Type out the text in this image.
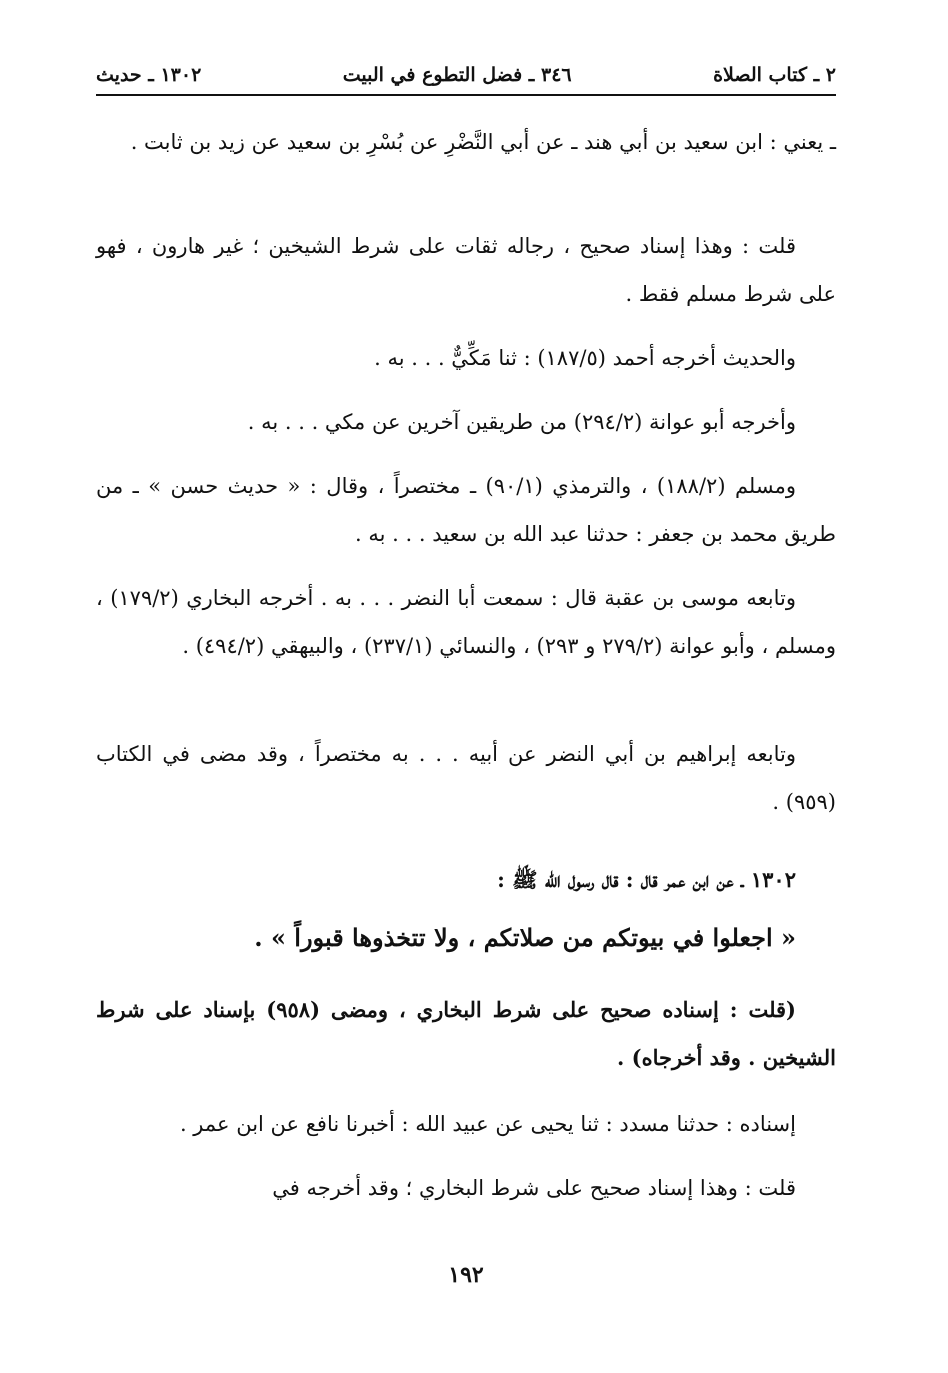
٢ ـ كتاب الصلاة
٣٤٦ ـ فضل التطوع في البيت
١٣٠٢ ـ حديث

ـ يعني : ابن سعيد بن أبي هند ـ عن أبي النَّضْرِ عن بُسْرِ بن سعيد عن زيد بن ثابت .

قلت : وهذا إسناد صحيح ، رجاله ثقات على شرط الشيخين ؛ غير هارون ، فهو على شرط مسلم فقط .

والحديث أخرجه أحمد (١٨٧/٥) : ثنا مَكِّيٌّ . . . به .

وأخرجه أبو عوانة (٢٩٤/٢) من طريقين آخرين عن مكي . . . به .

ومسلم (١٨٨/٢) ، والترمذي (٩٠/١) ـ مختصراً ، وقال : « حديث حسن » ـ من طريق محمد بن جعفر : حدثنا عبد الله بن سعيد . . . به .

وتابعه موسى بن عقبة قال : سمعت أبا النضر . . . به . أخرجه البخاري (١٧٩/٢) ، ومسلم ، وأبو عوانة (٢٧٩/٢ و ٢٩٣) ، والنسائي (٢٣٧/١) ، والبيهقي (٤٩٤/٢) .

وتابعه إبراهيم بن أبي النضر عن أبيه . . . به مختصراً ، وقد مضى في الكتاب (٩٥٩) .

١٣٠٢ ـ عن ابن عمر قال : قال رسول الله ﷺ :

« اجعلوا في بيوتكم من صلاتكم ، ولا تتخذوها قبوراً » .

(قلت : إسناده صحيح على شرط البخاري ، ومضى (٩٥٨) بإسناد على شرط الشيخين . وقد أخرجاه) .

إسناده : حدثنا مسدد : ثنا يحيى عن عبيد الله : أخبرنا نافع عن ابن عمر .

قلت : وهذا إسناد صحيح على شرط البخاري ؛ وقد أخرجه في

١٩٢
